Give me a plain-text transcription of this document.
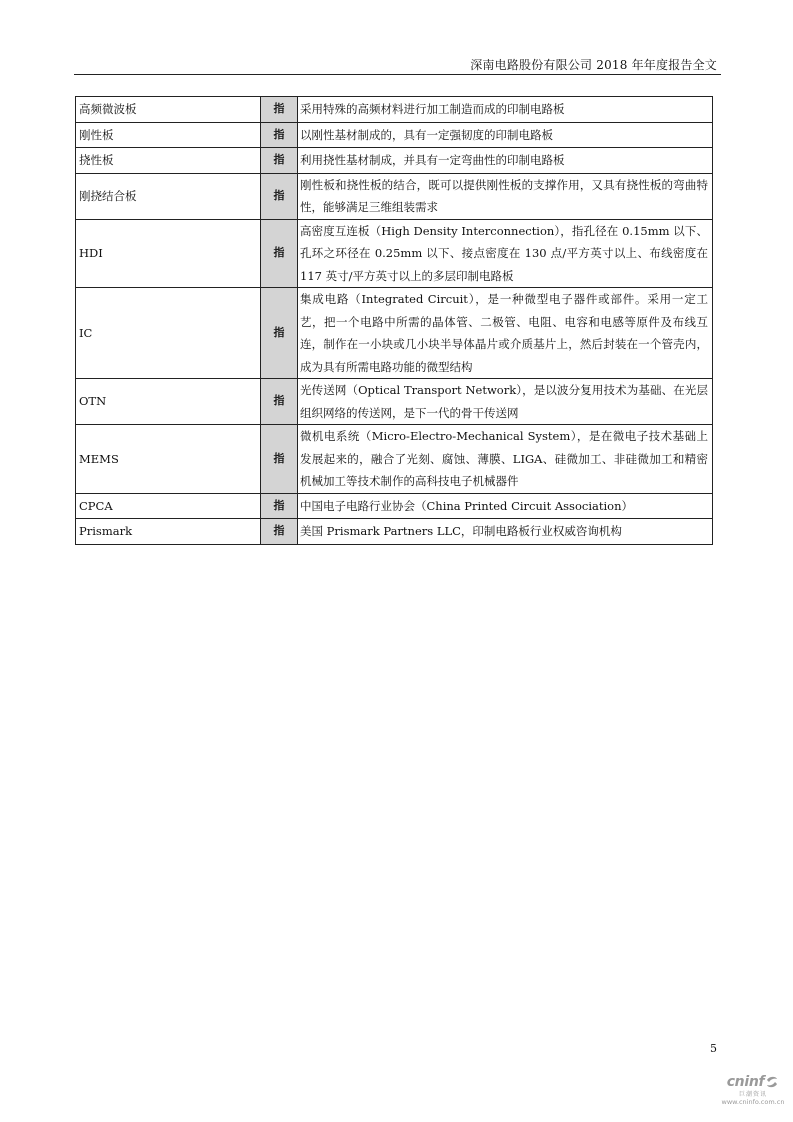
深南电路股份有限公司 2018 年年度报告全文
高频微波板	指	采用特殊的高频材料进行加工制造而成的印制电路板
刚性板	指	以刚性基材制成的，具有一定强韧度的印制电路板
挠性板	指	利用挠性基材制成，并具有一定弯曲性的印制电路板
刚挠结合板	指	刚性板和挠性板的结合，既可以提供刚性板的支撑作用，又具有挠性板的弯曲特性，能够满足三维组装需求
HDI	指	高密度互连板（High Density Interconnection），指孔径在 0.15mm 以下、孔环之环径在 0.25mm 以下、接点密度在 130 点/平方英寸以上、布线密度在 117 英寸/平方英寸以上的多层印制电路板
IC	指	集成电路（Integrated Circuit），是一种微型电子器件或部件。采用一定工艺，把一个电路中所需的晶体管、二极管、电阻、电容和电感等原件及布线互连，制作在一小块或几小块半导体晶片或介质基片上，然后封装在一个管壳内，成为具有所需电路功能的微型结构
OTN	指	光传送网（Optical Transport Network），是以波分复用技术为基础、在光层组织网络的传送网，是下一代的骨干传送网
MEMS	指	微机电系统（Micro-Electro-Mechanical System），是在微电子技术基础上发展起来的，融合了光刻、腐蚀、薄膜、LIGA、硅微加工、非硅微加工和精密机械加工等技术制作的高科技电子机械器件
CPCA	指	中国电子电路行业协会（China Printed Circuit Association）
Prismark	指	美国 Prismark Partners LLC，印制电路板行业权威咨询机构
5
cninf
巨潮资讯
www.cninfo.com.cn
